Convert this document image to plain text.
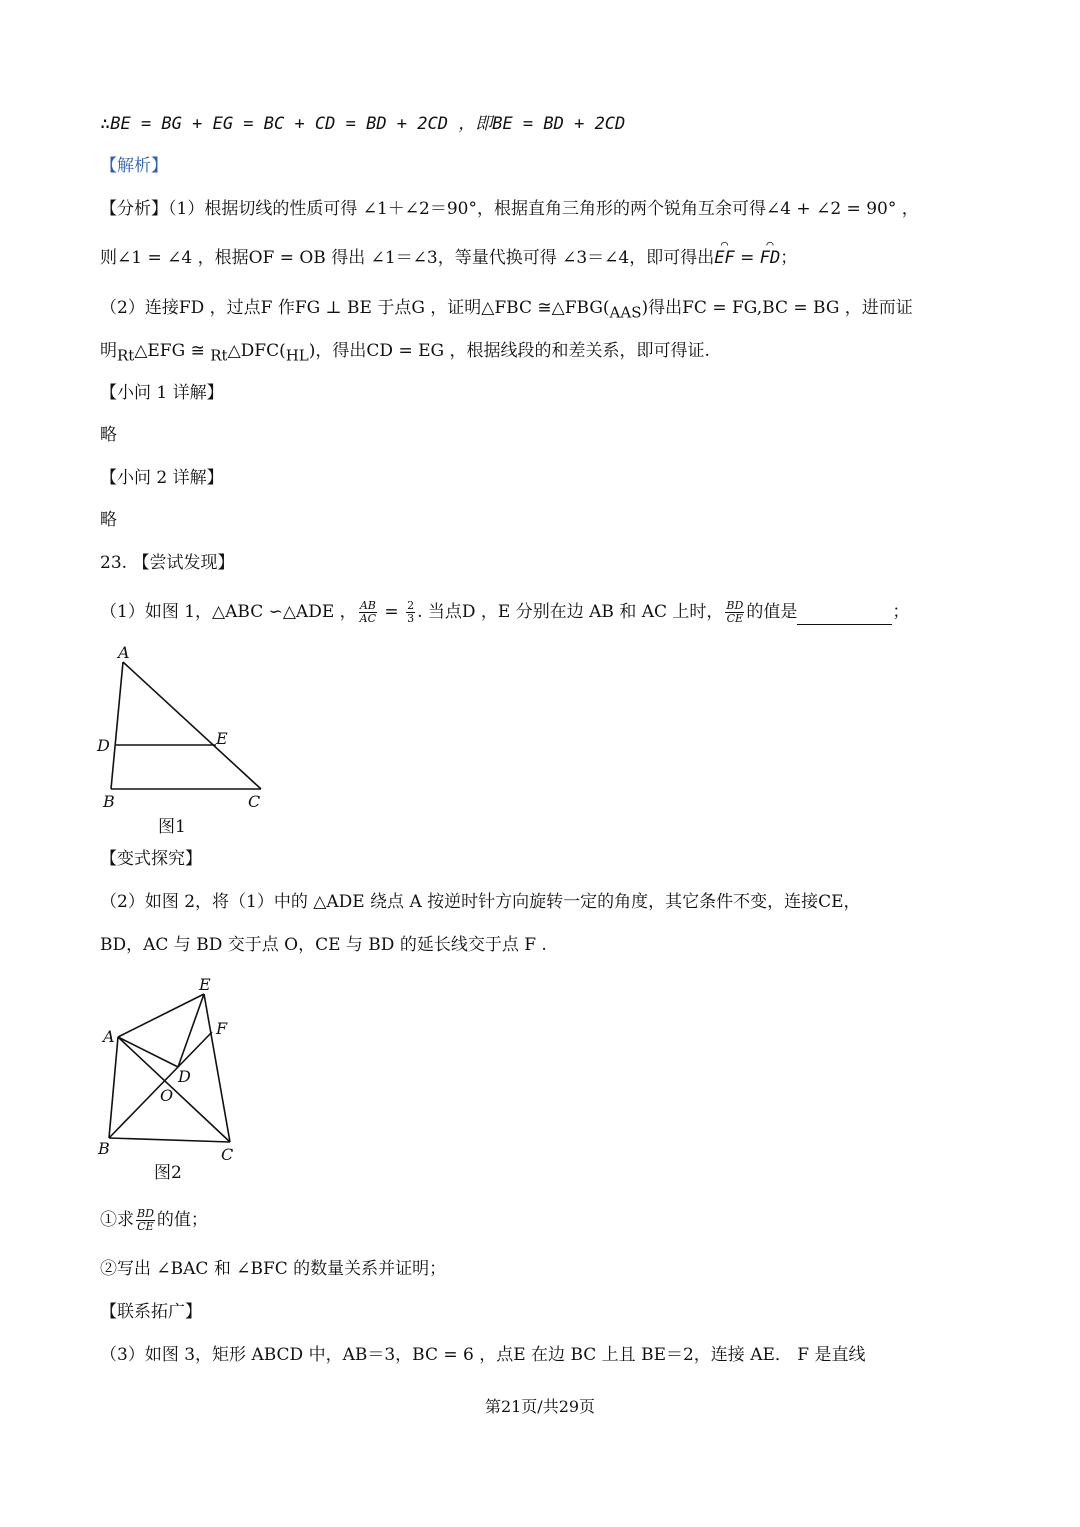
∴BE = BG + EG = BC + CD = BD + 2CD ，即BE = BD + 2CD
【解析】
【分析】（1）根据切线的性质可得 ∠1＋∠2＝90°，根据直角三角形的两个锐角互余可得∠4 + ∠2 = 90° ，
则∠1 = ∠4 ，根据OF = OB 得出 ∠1＝∠3，等量代换可得 ∠3＝∠4，即可得出⌒ EF = ⌒ FD；
（2）连接FD ，过点F 作FG ⊥ BE 于点G ，证明△FBC $≅\triangle FBG(_{AAS})$得出FC = FG,BC = BG ，进而证
明$_{Rt}$△EFG ≅ $_{Rt}\triangle DFC(_{HL})$，得出CD = EG ，根据线段的和差关系，即可得证.
【小问 1 详解】
略
【小问 2 详解】
略
23. 【尝试发现】
（1）如图 1，△ABC ∽△ADE ， $\frac{AB}{AC} = \frac{2}{3}$ . 当点D ，E 分别在边 AB 和 AC 上时， $\frac{BD}{CE}$ 的值是	；
A
D	E
B	C
图1
【变式探究】
（2）如图 2，将（1）中的 △ADE 绕点 A 按逆时针方向旋转一定的角度，其它条件不变，连接CE，
BD，AC 与 BD 交于点 O，CE 与 BD 的延长线交于点 F .
E
A	F
D
O
B	C
图2
①求 $\frac{BD}{CE}$ 的值；
②写出 ∠BAC 和 ∠BFC 的数量关系并证明；
【联系拓广】
（3）如图 3，矩形 ABCD 中，AB＝3，BC = 6 ，点E 在边 BC 上且 BE＝2，连接 AE． F 是直线
第21页/共29页
